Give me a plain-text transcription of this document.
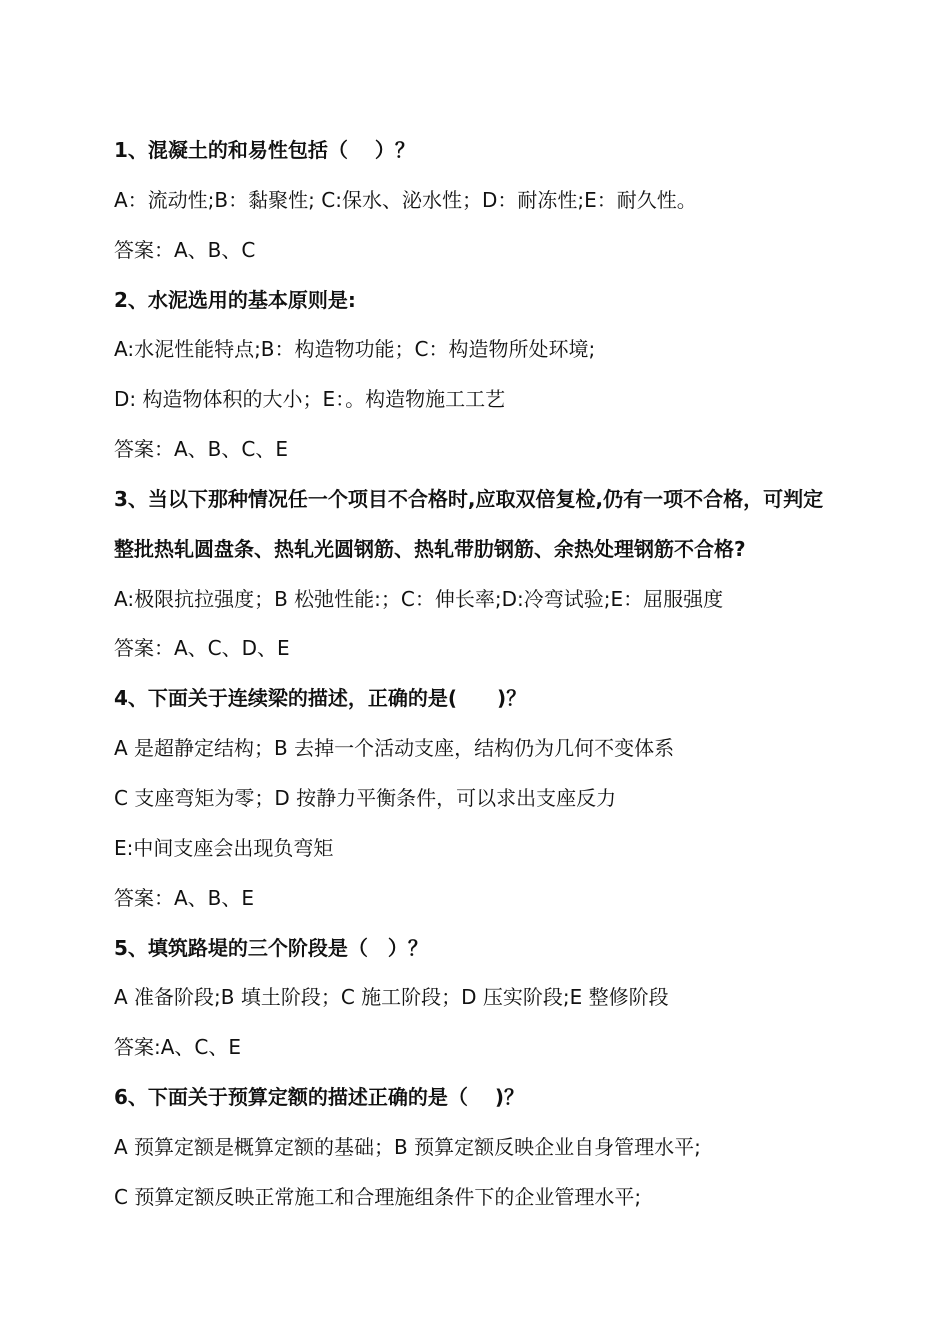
1、混凝土的和易性包括（　 ）？
A：流动性;B：黏聚性; C:保水、泌水性；D：耐冻性;E：耐久性。
答案：A、B、C
2、水泥选用的基本原则是:
A:水泥性能特点;B：构造物功能；C：构造物所处环境;
D: 构造物体积的大小；E：。构造物施工工艺
答案：A、B、C、E
3、当以下那种情况任一个项目不合格时,应取双倍复检,仍有一项不合格，可判定
整批热轧圆盘条、热轧光圆钢筋、热轧带肋钢筋、余热处理钢筋不合格?
A:极限抗拉强度；B 松弛性能:；C：伸长率;D:冷弯试验;E：屈服强度
答案：A、C、D、E
4、下面关于连续梁的描述，正确的是(　　)？
A 是超静定结构；B 去掉一个活动支座，结构仍为几何不变体系
C 支座弯矩为零；D 按静力平衡条件，可以求出支座反力
E:中间支座会出现负弯矩
答案：A、B、E
5、填筑路堤的三个阶段是（　）？
A 准备阶段;B 填土阶段；C 施工阶段；D 压实阶段;E 整修阶段
答案:A、C、E
6、下面关于预算定额的描述正确的是（　 )？
A 预算定额是概算定额的基础；B 预算定额反映企业自身管理水平;
C 预算定额反映正常施工和合理施组条件下的企业管理水平;
